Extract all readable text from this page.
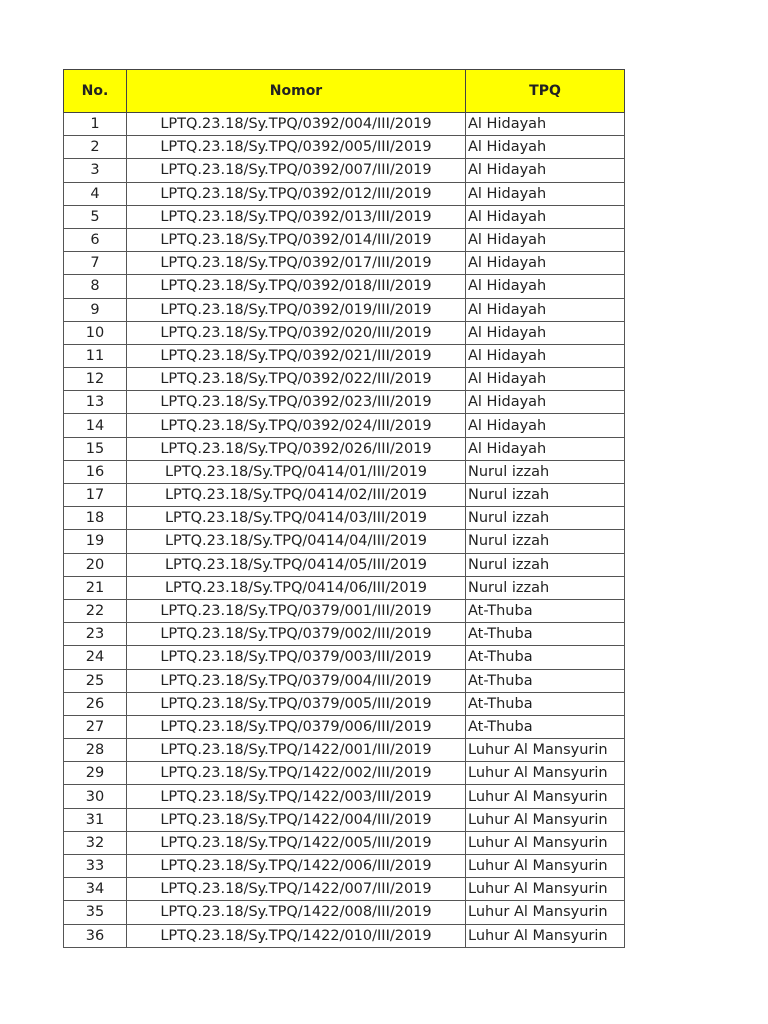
No.	Nomor	TPQ
1	LPTQ.23.18/Sy.TPQ/0392/004/III/2019	Al Hidayah
2	LPTQ.23.18/Sy.TPQ/0392/005/III/2019	Al Hidayah
3	LPTQ.23.18/Sy.TPQ/0392/007/III/2019	Al Hidayah
4	LPTQ.23.18/Sy.TPQ/0392/012/III/2019	Al Hidayah
5	LPTQ.23.18/Sy.TPQ/0392/013/III/2019	Al Hidayah
6	LPTQ.23.18/Sy.TPQ/0392/014/III/2019	Al Hidayah
7	LPTQ.23.18/Sy.TPQ/0392/017/III/2019	Al Hidayah
8	LPTQ.23.18/Sy.TPQ/0392/018/III/2019	Al Hidayah
9	LPTQ.23.18/Sy.TPQ/0392/019/III/2019	Al Hidayah
10	LPTQ.23.18/Sy.TPQ/0392/020/III/2019	Al Hidayah
11	LPTQ.23.18/Sy.TPQ/0392/021/III/2019	Al Hidayah
12	LPTQ.23.18/Sy.TPQ/0392/022/III/2019	Al Hidayah
13	LPTQ.23.18/Sy.TPQ/0392/023/III/2019	Al Hidayah
14	LPTQ.23.18/Sy.TPQ/0392/024/III/2019	Al Hidayah
15	LPTQ.23.18/Sy.TPQ/0392/026/III/2019	Al Hidayah
16	LPTQ.23.18/Sy.TPQ/0414/01/III/2019	Nurul izzah
17	LPTQ.23.18/Sy.TPQ/0414/02/III/2019	Nurul izzah
18	LPTQ.23.18/Sy.TPQ/0414/03/III/2019	Nurul izzah
19	LPTQ.23.18/Sy.TPQ/0414/04/III/2019	Nurul izzah
20	LPTQ.23.18/Sy.TPQ/0414/05/III/2019	Nurul izzah
21	LPTQ.23.18/Sy.TPQ/0414/06/III/2019	Nurul izzah
22	LPTQ.23.18/Sy.TPQ/0379/001/III/2019	At-Thuba
23	LPTQ.23.18/Sy.TPQ/0379/002/III/2019	At-Thuba
24	LPTQ.23.18/Sy.TPQ/0379/003/III/2019	At-Thuba
25	LPTQ.23.18/Sy.TPQ/0379/004/III/2019	At-Thuba
26	LPTQ.23.18/Sy.TPQ/0379/005/III/2019	At-Thuba
27	LPTQ.23.18/Sy.TPQ/0379/006/III/2019	At-Thuba
28	LPTQ.23.18/Sy.TPQ/1422/001/III/2019	Luhur Al Mansyurin
29	LPTQ.23.18/Sy.TPQ/1422/002/III/2019	Luhur Al Mansyurin
30	LPTQ.23.18/Sy.TPQ/1422/003/III/2019	Luhur Al Mansyurin
31	LPTQ.23.18/Sy.TPQ/1422/004/III/2019	Luhur Al Mansyurin
32	LPTQ.23.18/Sy.TPQ/1422/005/III/2019	Luhur Al Mansyurin
33	LPTQ.23.18/Sy.TPQ/1422/006/III/2019	Luhur Al Mansyurin
34	LPTQ.23.18/Sy.TPQ/1422/007/III/2019	Luhur Al Mansyurin
35	LPTQ.23.18/Sy.TPQ/1422/008/III/2019	Luhur Al Mansyurin
36	LPTQ.23.18/Sy.TPQ/1422/010/III/2019	Luhur Al Mansyurin
